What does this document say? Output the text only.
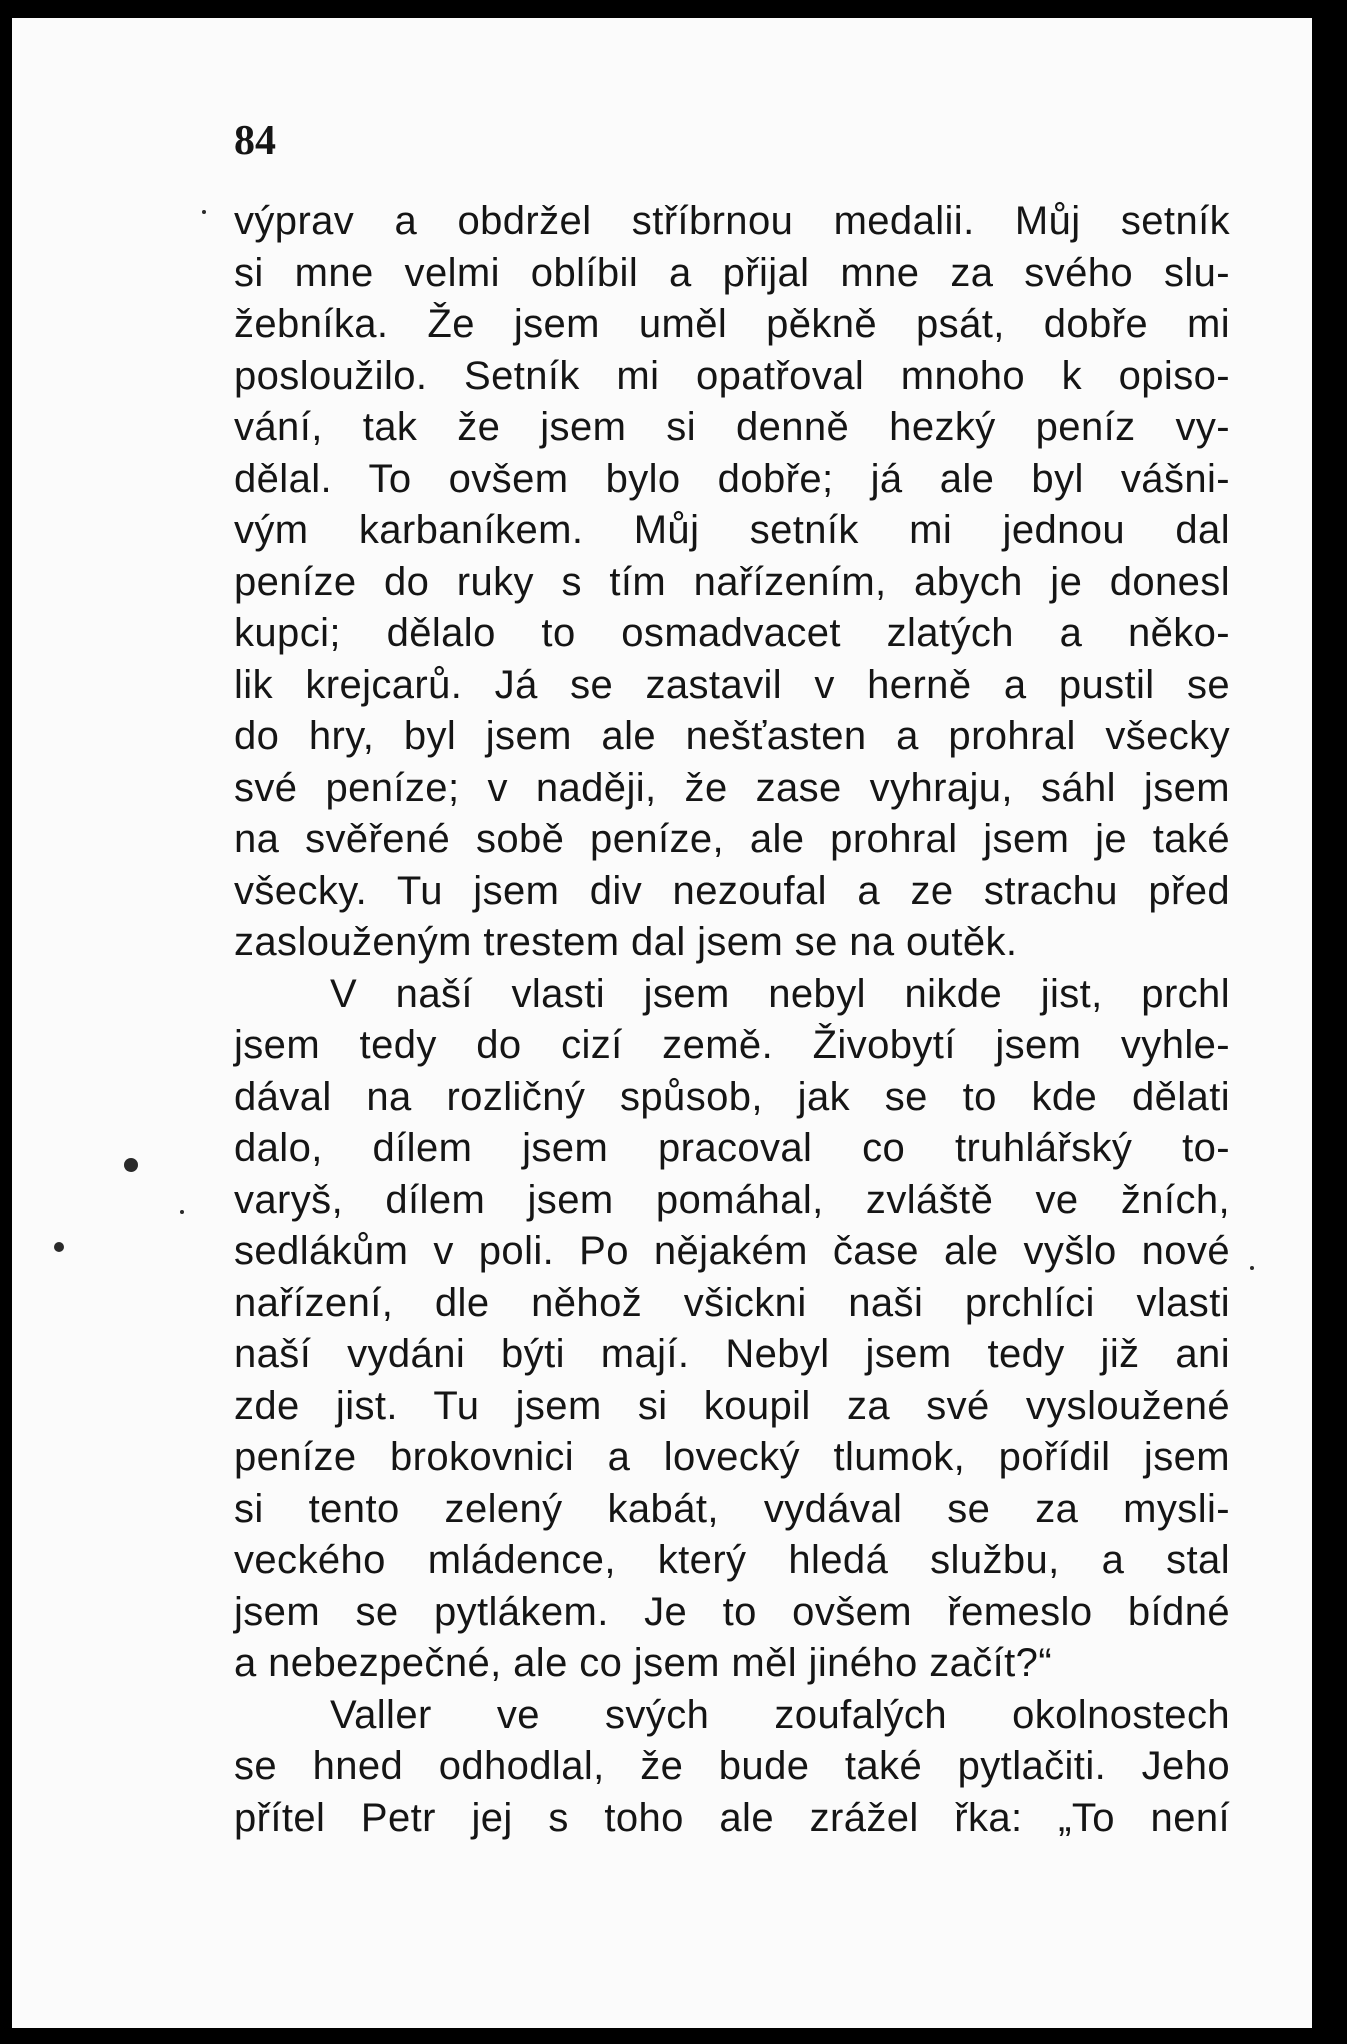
84
výprav a obdržel stříbrnou medalii. Můj setník
si mne velmi oblíbil a přijal mne za svého slu-
žebníka. Že jsem uměl pěkně psát, dobře mi
posloužilo. Setník mi opatřoval mnoho k opiso-
vání, tak že jsem si denně hezký peníz vy-
dělal. To ovšem bylo dobře; já ale byl vášni-
vým karbaníkem. Můj setník mi jednou dal
peníze do ruky s tím nařízením, abych je donesl
kupci; dělalo to osmadvacet zlatých a něko-
lik krejcarů. Já se zastavil v herně a pustil se
do hry, byl jsem ale nešťasten a prohral všecky
své peníze; v naději, že zase vyhraju, sáhl jsem
na svěřené sobě peníze, ale prohral jsem je také
všecky. Tu jsem div nezoufal a ze strachu před
zaslouženým trestem dal jsem se na outěk.
V naší vlasti jsem nebyl nikde jist, prchl
jsem tedy do cizí země. Živobytí jsem vyhle-
dával na rozličný spůsob, jak se to kde dělati
dalo, dílem jsem pracoval co truhlářský to-
varyš, dílem jsem pomáhal, zvláště ve žních,
sedlákům v poli. Po nějakém čase ale vyšlo nové
nařízení, dle něhož všickni naši prchlíci vlasti
naší vydáni býti mají. Nebyl jsem tedy již ani
zde jist. Tu jsem si koupil za své vysloužené
peníze brokovnici a lovecký tlumok, pořídil jsem
si tento zelený kabát, vydával se za mysli-
veckého mládence, který hledá službu, a stal
jsem se pytlákem. Je to ovšem řemeslo bídné
a nebezpečné, ale co jsem měl jiného začít?“
Valler ve svých zoufalých okolnostech
se hned odhodlal, že bude také pytlačiti. Jeho
přítel Petr jej s toho ale zrážel řka: „To není
